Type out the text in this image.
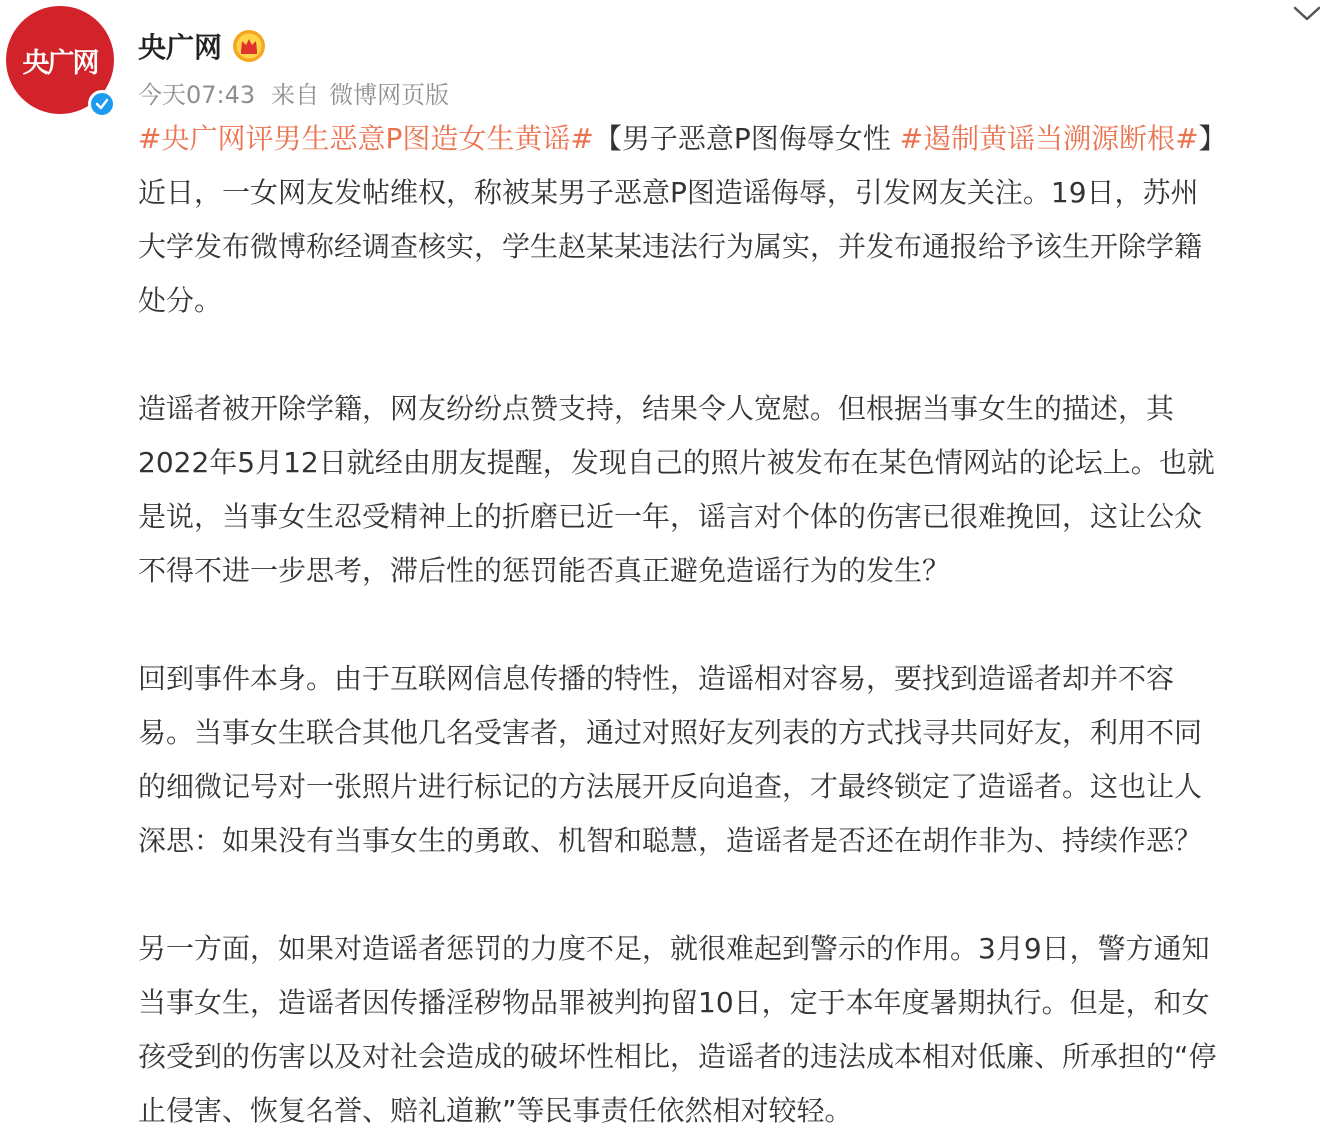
央广网 央广网
今天07:43 来自 微博网页版
#央广网评男生恶意P图造女生黄谣#【男子恶意P图侮辱女性 #遏制黄谣当溯源断根#】
近日，一女网友发帖维权，称被某男子恶意P图造谣侮辱，引发网友关注。19日，苏州
大学发布微博称经调查核实，学生赵某某违法行为属实，并发布通报给予该生开除学籍
处分。
造谣者被开除学籍，网友纷纷点赞支持，结果令人宽慰。但根据当事女生的描述，其
2022年5月12日就经由朋友提醒，发现自己的照片被发布在某色情网站的论坛上。也就
是说，当事女生忍受精神上的折磨已近一年，谣言对个体的伤害已很难挽回，这让公众
不得不进一步思考，滞后性的惩罚能否真正避免造谣行为的发生？
回到事件本身。由于互联网信息传播的特性，造谣相对容易，要找到造谣者却并不容
易。当事女生联合其他几名受害者，通过对照好友列表的方式找寻共同好友，利用不同
的细微记号对一张照片进行标记的方法展开反向追查，才最终锁定了造谣者。这也让人
深思：如果没有当事女生的勇敢、机智和聪慧，造谣者是否还在胡作非为、持续作恶？
另一方面，如果对造谣者惩罚的力度不足，就很难起到警示的作用。3月9日，警方通知
当事女生，造谣者因传播淫秽物品罪被判拘留10日，定于本年度暑期执行。但是，和女
孩受到的伤害以及对社会造成的破坏性相比，造谣者的违法成本相对低廉、所承担的“停
止侵害、恢复名誉、赔礼道歉”等民事责任依然相对较轻。
